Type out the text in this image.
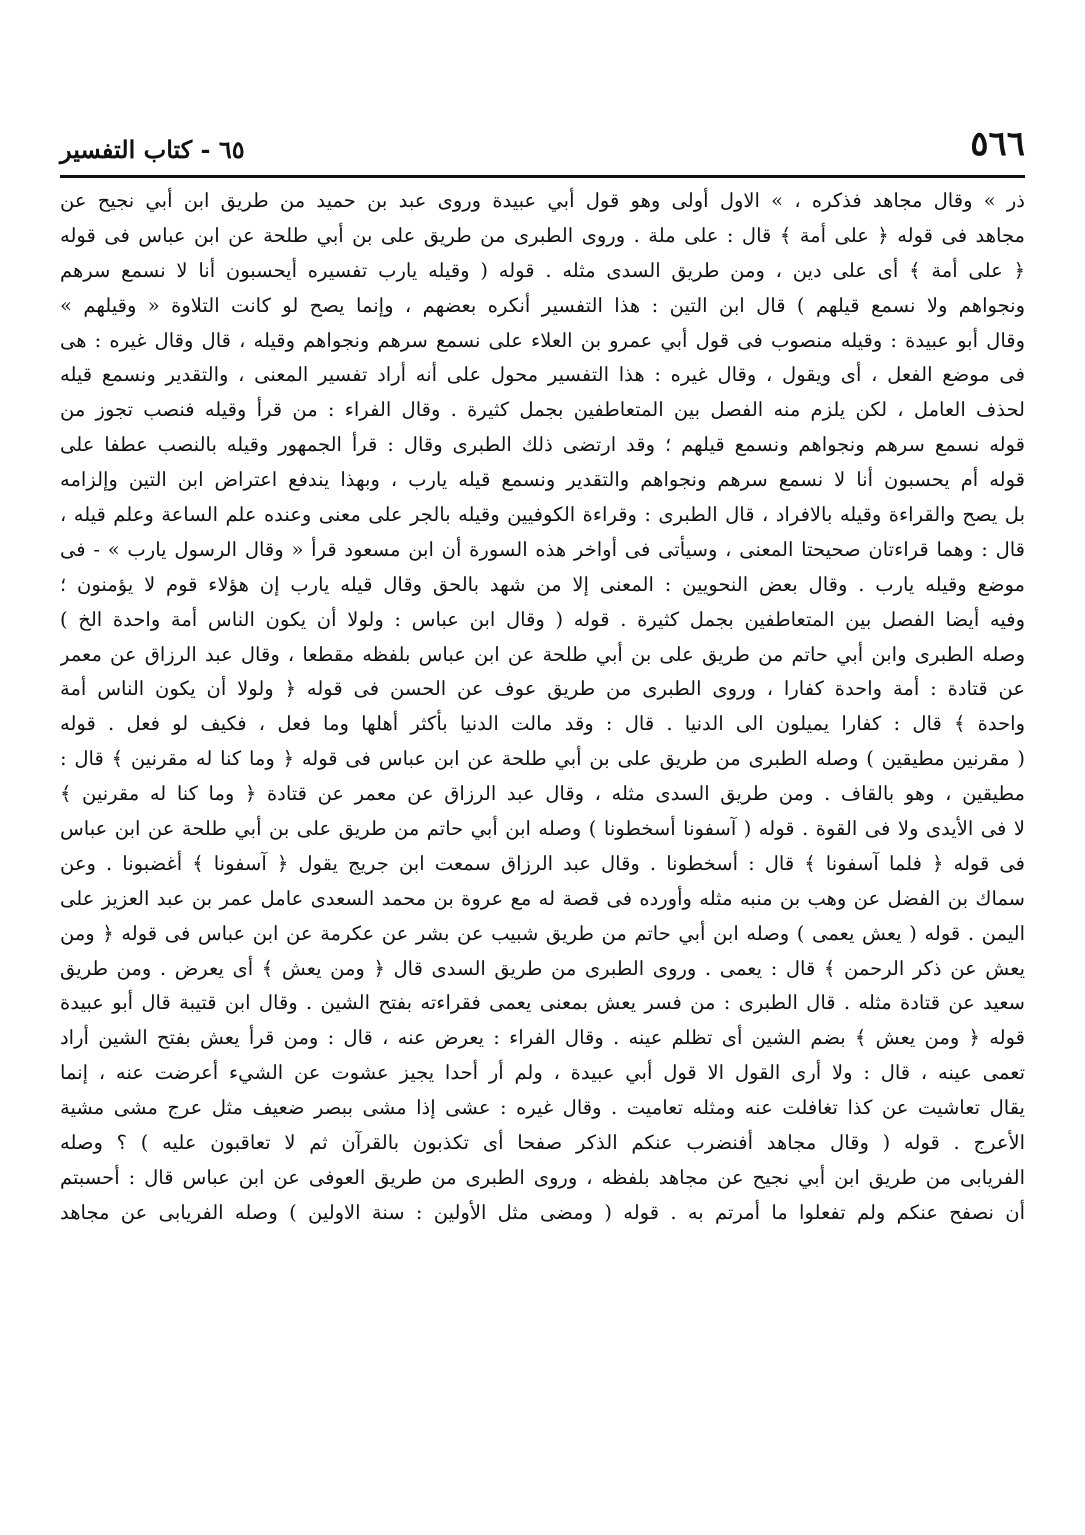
٥٦٦
٦٥ - كتاب التفسير
ذر » وقال مجاهد فذكره ، » الاول أولى وهو قول أبي عبيدة وروى عبد بن حميد من طريق ابن أبي نجيح عن
مجاهد فى قوله ﴿ على أمة ﴾ قال : على ملة . وروى الطبرى من طريق على بن أبي طلحة عن ابن عباس فى قوله
﴿ على أمة ﴾ أى على دين ، ومن طريق السدى مثله . قوله ( وقيله يارب تفسيره أيحسبون أنا لا نسمع سرهم
ونجواهم ولا نسمع قيلهم ) قال ابن التين : هذا التفسير أنكره بعضهم ، وإنما يصح لو كانت التلاوة « وقيلهم »
وقال أبو عبيدة : وقيله منصوب فى قول أبي عمرو بن العلاء على نسمع سرهم ونجواهم وقيله ، قال وقال غيره : هى
فى موضع الفعل ، أى ويقول ، وقال غيره : هذا التفسير محول على أنه أراد تفسير المعنى ، والتقدير ونسمع قيله
لحذف العامل ، لكن يلزم منه الفصل بين المتعاطفين بجمل كثيرة . وقال الفراء : من قرأ وقيله فنصب تجوز من
قوله نسمع سرهم ونجواهم ونسمع قيلهم ؛ وقد ارتضى ذلك الطبرى وقال : قرأ الجمهور وقيله بالنصب عطفا على
قوله أم يحسبون أنا لا نسمع سرهم ونجواهم والتقدير ونسمع قيله يارب ، وبهذا يندفع اعتراض ابن التين وإلزامه
بل يصح والقراءة وقيله بالافراد ، قال الطبرى : وقراءة الكوفيين وقيله بالجر على معنى وعنده علم الساعة وعلم قيله ،
قال : وهما قراءتان صحيحتا المعنى ، وسيأتى فى أواخر هذه السورة أن ابن مسعود قرأ « وقال الرسول يارب » - فى
موضع وقيله يارب . وقال بعض النحويين : المعنى إلا من شهد بالحق وقال قيله يارب إن هؤلاء قوم لا يؤمنون ؛
وفيه أيضا الفصل بين المتعاطفين بجمل كثيرة . قوله ( وقال ابن عباس : ولولا أن يكون الناس أمة واحدة الخ )
وصله الطبرى وابن أبي حاتم من طريق على بن أبي طلحة عن ابن عباس بلفظه مقطعا ، وقال عبد الرزاق عن معمر
عن قتادة : أمة واحدة كفارا ، وروى الطبرى من طريق عوف عن الحسن فى قوله ﴿ ولولا أن يكون الناس أمة
واحدة ﴾ قال : كفارا يميلون الى الدنيا . قال : وقد مالت الدنيا بأكثر أهلها وما فعل ، فكيف لو فعل . قوله
( مقرنين مطيقين ) وصله الطبرى من طريق على بن أبي طلحة عن ابن عباس فى قوله ﴿ وما كنا له مقرنين ﴾ قال :
مطيقين ، وهو بالقاف . ومن طريق السدى مثله ، وقال عبد الرزاق عن معمر عن قتادة ﴿ وما كنا له مقرنين ﴾
لا فى الأيدى ولا فى القوة . قوله ( آسفونا أسخطونا ) وصله ابن أبي حاتم من طريق على بن أبي طلحة عن ابن عباس
فى قوله ﴿ فلما آسفونا ﴾ قال : أسخطونا . وقال عبد الرزاق سمعت ابن جريج يقول ﴿ آسفونا ﴾ أغضبونا . وعن
سماك بن الفضل عن وهب بن منبه مثله وأورده فى قصة له مع عروة بن محمد السعدى عامل عمر بن عبد العزيز على
اليمن . قوله ( يعش يعمى ) وصله ابن أبي حاتم من طريق شبيب عن بشر عن عكرمة عن ابن عباس فى قوله ﴿ ومن
يعش عن ذكر الرحمن ﴾ قال : يعمى . وروى الطبرى من طريق السدى قال ﴿ ومن يعش ﴾ أى يعرض . ومن طريق
سعيد عن قتادة مثله . قال الطبرى : من فسر يعش بمعنى يعمى فقراءته بفتح الشين . وقال ابن قتيبة قال أبو عبيدة
قوله ﴿ ومن يعش ﴾ بضم الشين أى تظلم عينه . وقال الفراء : يعرض عنه ، قال : ومن قرأ يعش بفتح الشين أراد
تعمى عينه ، قال : ولا أرى القول الا قول أبي عبيدة ، ولم أر أحدا يجيز عشوت عن الشيء أعرضت عنه ، إنما
يقال تعاشيت عن كذا تغافلت عنه ومثله تعاميت . وقال غيره : عشى إذا مشى ببصر ضعيف مثل عرج مشى مشية
الأعرج . قوله ( وقال مجاهد أفنضرب عنكم الذكر صفحا أى تكذبون بالقرآن ثم لا تعاقبون عليه ) ؟ وصله
الفريابى من طريق ابن أبي نجيح عن مجاهد بلفظه ، وروى الطبرى من طريق العوفى عن ابن عباس قال : أحسبتم
أن نصفح عنكم ولم تفعلوا ما أمرتم به . قوله ( ومضى مثل الأولين : سنة الاولين ) وصله الفريابى عن مجاهد
